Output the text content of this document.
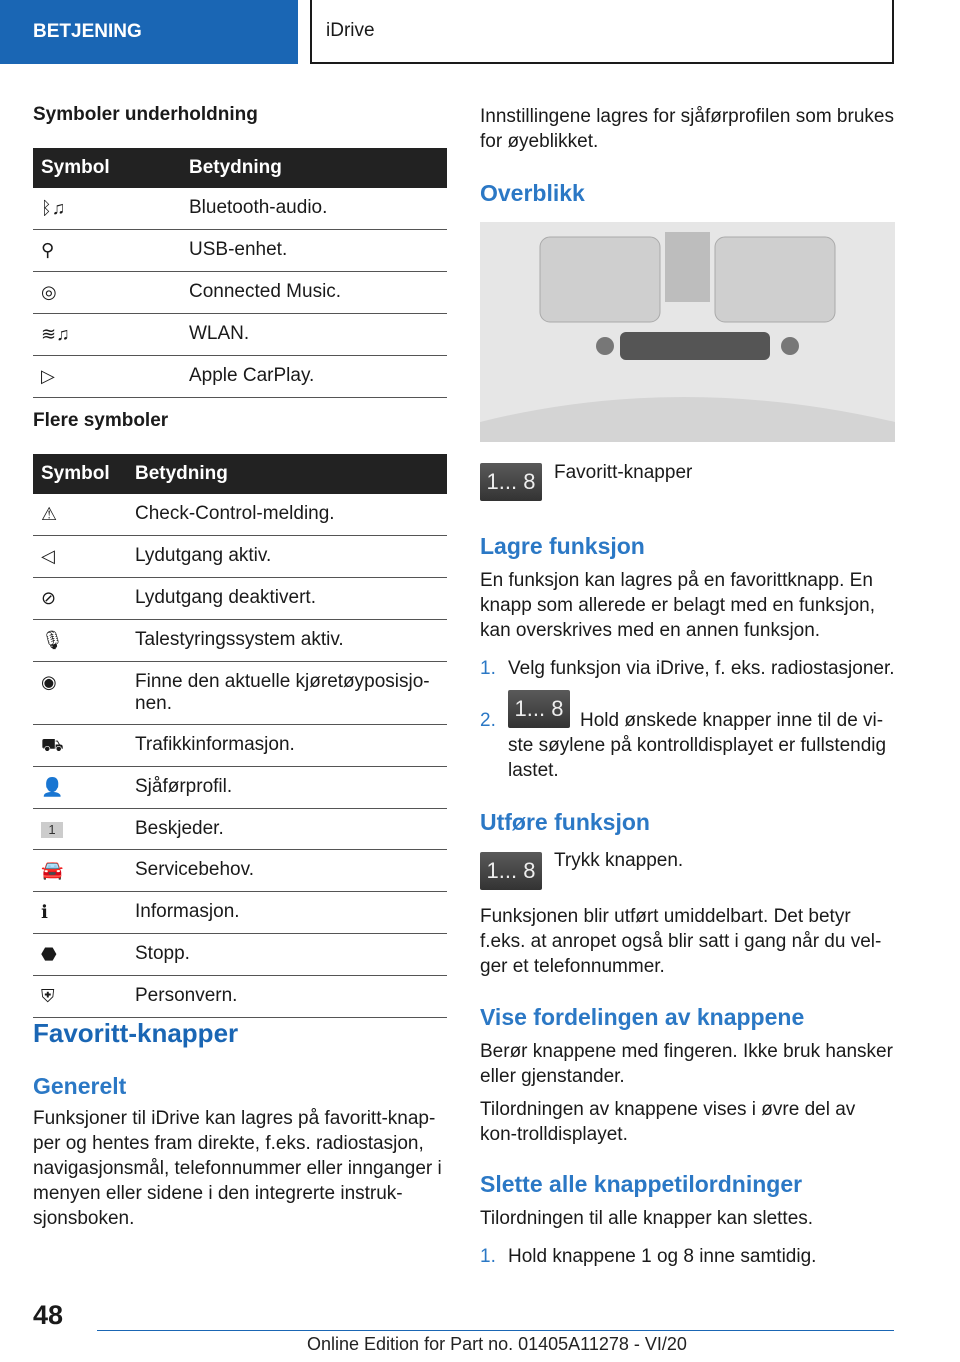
BETJENING	iDrive
Symboler underholdning
Symbol	Betydning
ᛒ♫	Bluetooth-audio.
⚲	USB-enhet.
◎	Connected Music.
≋♫	WLAN.
▷	Apple CarPlay.
Flere symboler
Symbol	Betydning
⚠	Check-Control-melding.
◁	Lydutgang aktiv.
⊘	Lydutgang deaktivert.
🎙	Talestyringssystem aktiv.
◉	Finne den aktuelle kjøretøyposisjo-nen.
⛟	Trafikkinformasjon.
👤	Sjåførprofil.
1	Beskjeder.
🚘	Servicebehov.
ℹ	Informasjon.
⬣	Stopp.
⛨	Personvern.
Favoritt-knapper
Generelt
Funksjoner til iDrive kan lagres på favoritt-knap-per og hentes fram direkte, f.eks. radiostasjon, navigasjonsmål, telefonnummer eller innganger i menyen eller sidene i den integrerte instruk-sjonsboken.
Innstillingene lagres for sjåførprofilen som brukes for øyeblikket.
Overblikk
1... 8 Favoritt-knapper
Lagre funksjon
En funksjon kan lagres på en favorittknapp. En knapp som allerede er belagt med en funksjon, kan overskrives med en annen funksjon.
1. Velg funksjon via iDrive, f. eks. radiostasjoner.
2. 1... 8 Hold ønskede knapper inne til de vi-ste søylene på kontrolldisplayet er fullstendig lastet.
Utføre funksjon
1... 8 Trykk knappen.
Funksjonen blir utført umiddelbart. Det betyr f.eks. at anropet også blir satt i gang når du vel-ger et telefonnummer.
Vise fordelingen av knappene
Berør knappene med fingeren. Ikke bruk hansker eller gjenstander.
Tilordningen av knappene vises i øvre del av kon-trolldisplayet.
Slette alle knappetilordninger
Tilordningen til alle knapper kan slettes.
1. Hold knappene 1 og 8 inne samtidig.
48
Online Edition for Part no. 01405A11278 - VI/20
